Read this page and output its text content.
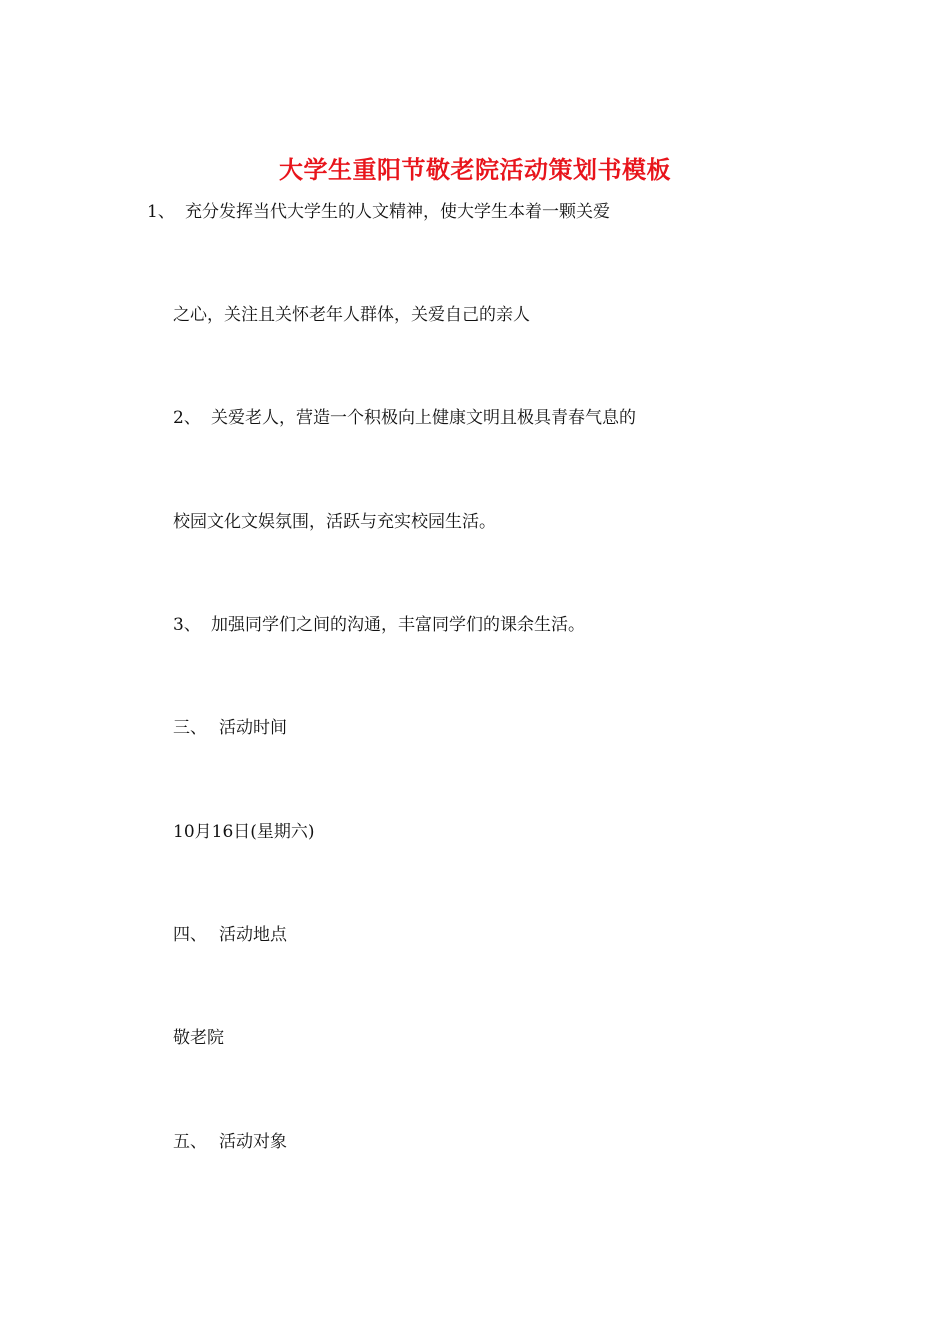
大学生重阳节敬老院活动策划书模板

1、 充分发挥当代大学生的人文精神，使大学生本着一颗关爱

之心，关注且关怀老年人群体，关爱自己的亲人

2、 关爱老人，营造一个积极向上健康文明且极具青春气息的

校园文化文娱氛围，活跃与充实校园生活。

3、 加强同学们之间的沟通，丰富同学们的课余生活。

三、 活动时间

10月16日(星期六)

四、 活动地点

敬老院

五、 活动对象
